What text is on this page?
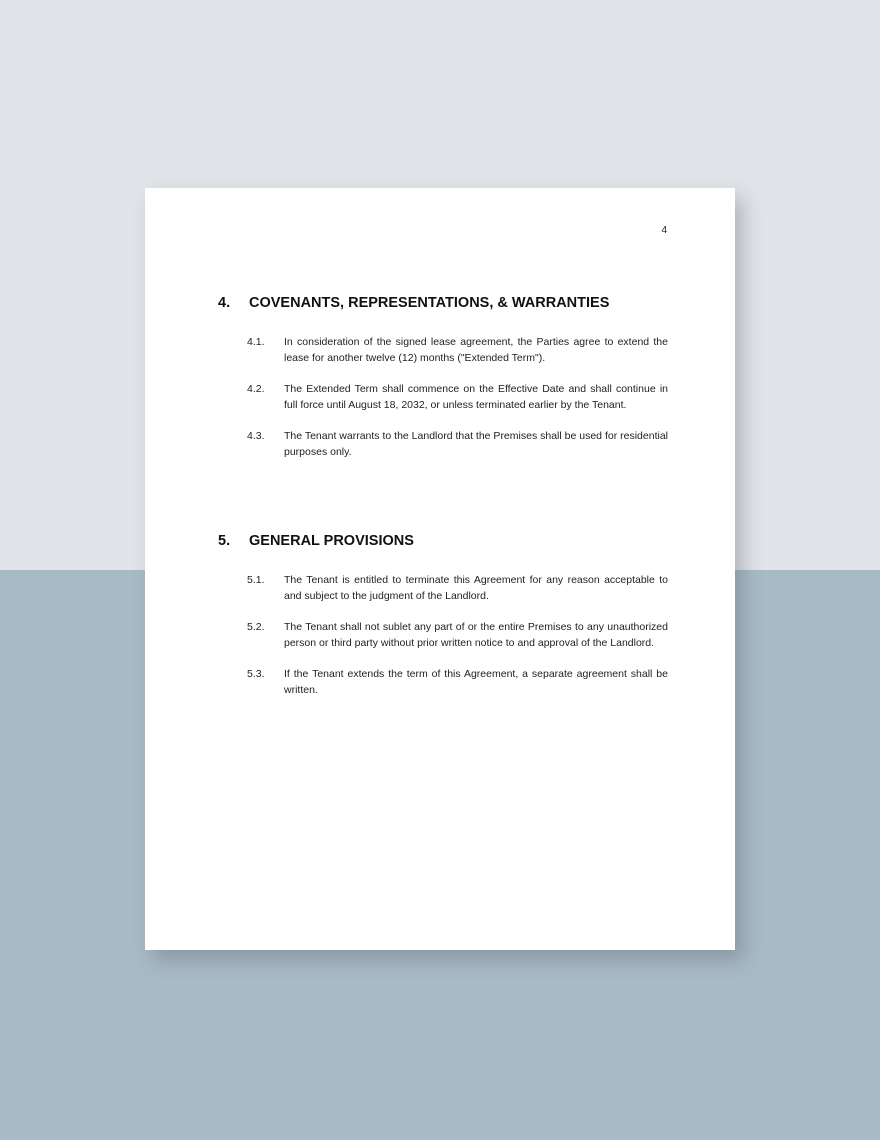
4
4.	COVENANTS, REPRESENTATIONS, & WARRANTIES
4.1.	In consideration of the signed lease agreement, the Parties agree to extend the lease for another twelve (12) months ("Extended Term").
4.2.	The Extended Term shall commence on the Effective Date and shall continue in full force until August 18, 2032, or unless terminated earlier by the Tenant.
4.3.	The Tenant warrants to the Landlord that the Premises shall be used for residential purposes only.
5.	GENERAL PROVISIONS
5.1.	The Tenant is entitled to terminate this Agreement for any reason acceptable to and subject to the judgment of the Landlord.
5.2.	The Tenant shall not sublet any part of or the entire Premises to any unauthorized person or third party without prior written notice to and approval of the Landlord.
5.3.	If the Tenant extends the term of this Agreement, a separate agreement shall be written.
